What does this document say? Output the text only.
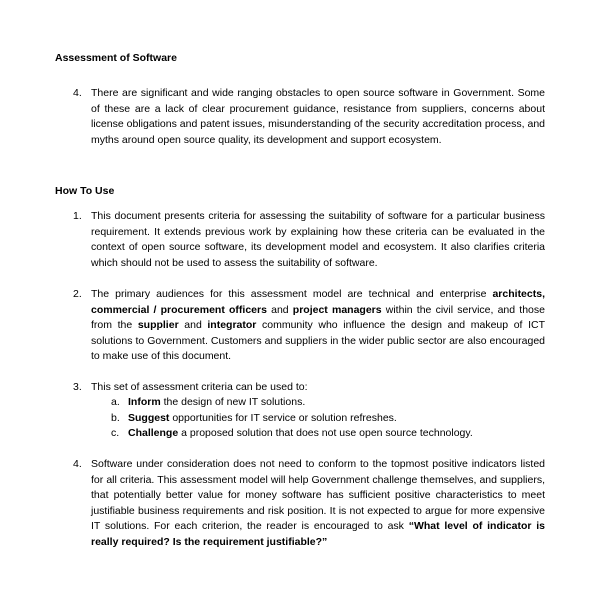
Assessment of Software
4. There are significant and wide ranging obstacles to open source software in Government. Some of these are a lack of clear procurement guidance, resistance from suppliers, concerns about license obligations and patent issues, misunderstanding of the security accreditation process, and myths around open source quality, its development and support ecosystem.
How To Use
1. This document presents criteria for assessing the suitability of software for a particular business requirement. It extends previous work by explaining how these criteria can be evaluated in the context of open source software, its development model and ecosystem. It also clarifies criteria which should not be used to assess the suitability of software.
2. The primary audiences for this assessment model are technical and enterprise architects, commercial / procurement officers and project managers within the civil service, and those from the supplier and integrator community who influence the design and makeup of ICT solutions to Government. Customers and suppliers in the wider public sector are also encouraged to make use of this document.
3. This set of assessment criteria can be used to:
a. Inform the design of new IT solutions.
b. Suggest opportunities for IT service or solution refreshes.
c. Challenge a proposed solution that does not use open source technology.
4. Software under consideration does not need to conform to the topmost positive indicators listed for all criteria. This assessment model will help Government challenge themselves, and suppliers, that potentially better value for money software has sufficient positive characteristics to meet justifiable business requirements and risk position. It is not expected to argue for more expensive IT solutions. For each criterion, the reader is encouraged to ask “What level of indicator is really required? Is the requirement justifiable?”
